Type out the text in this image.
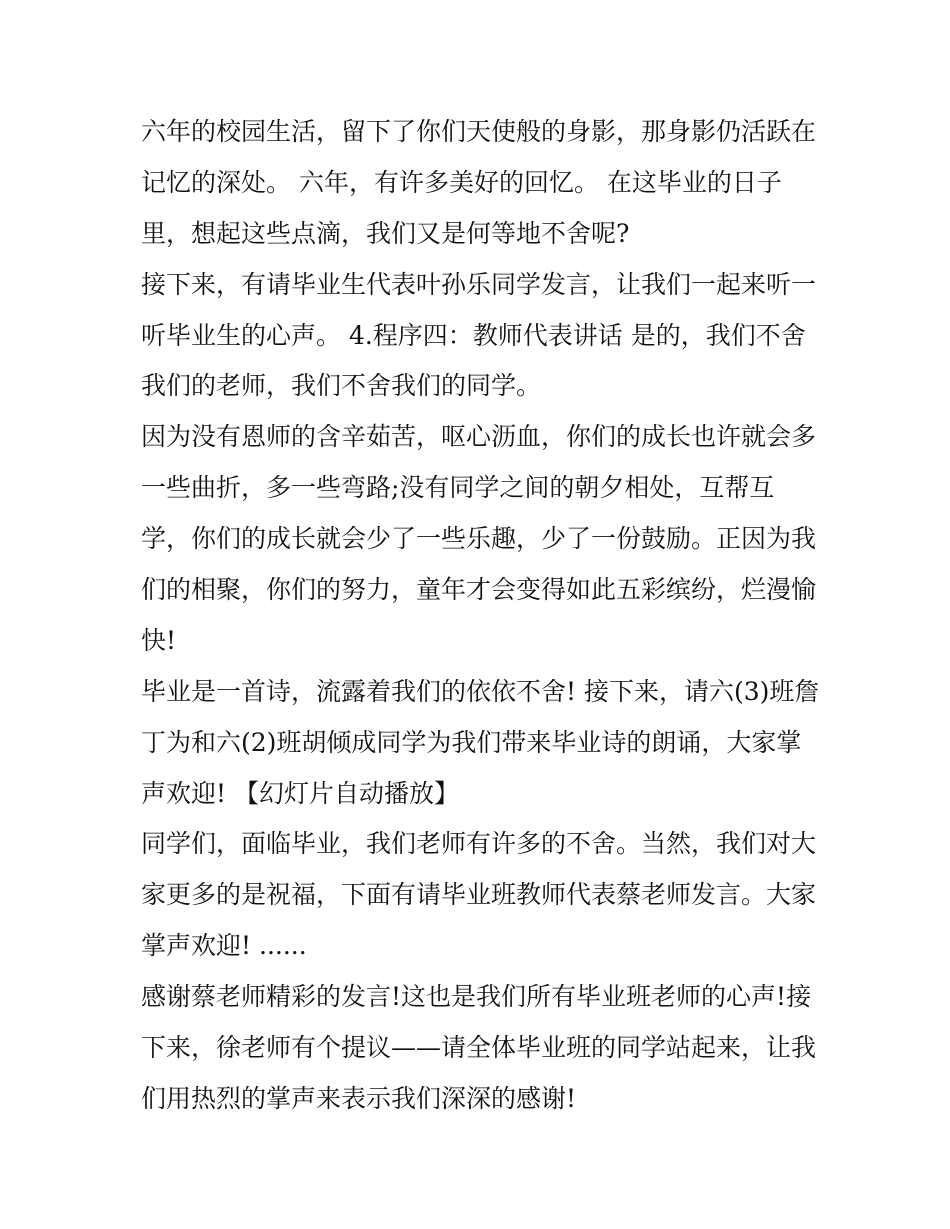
六年的校园生活，留下了你们天使般的身影，那身影仍活跃在
记忆的深处。 六年，有许多美好的回忆。 在这毕业的日子
里，想起这些点滴，我们又是何等地不舍呢?
接下来，有请毕业生代表叶孙乐同学发言，让我们一起来听一
听毕业生的心声。 4.程序四：教师代表讲话 是的，我们不舍
我们的老师，我们不舍我们的同学。
因为没有恩师的含辛茹苦，呕心沥血，你们的成长也许就会多
一些曲折，多一些弯路;没有同学之间的朝夕相处，互帮互
学，你们的成长就会少了一些乐趣，少了一份鼓励。正因为我
们的相聚，你们的努力，童年才会变得如此五彩缤纷，烂漫愉
快!
毕业是一首诗，流露着我们的依依不舍! 接下来，请六(3)班詹
丁为和六(2)班胡倾成同学为我们带来毕业诗的朗诵，大家掌
声欢迎! 【幻灯片自动播放】
同学们，面临毕业，我们老师有许多的不舍。当然，我们对大
家更多的是祝福，下面有请毕业班教师代表蔡老师发言。大家
掌声欢迎! ......
感谢蔡老师精彩的发言!这也是我们所有毕业班老师的心声!接
下来，徐老师有个提议——请全体毕业班的同学站起来，让我
们用热烈的掌声来表示我们深深的感谢!
